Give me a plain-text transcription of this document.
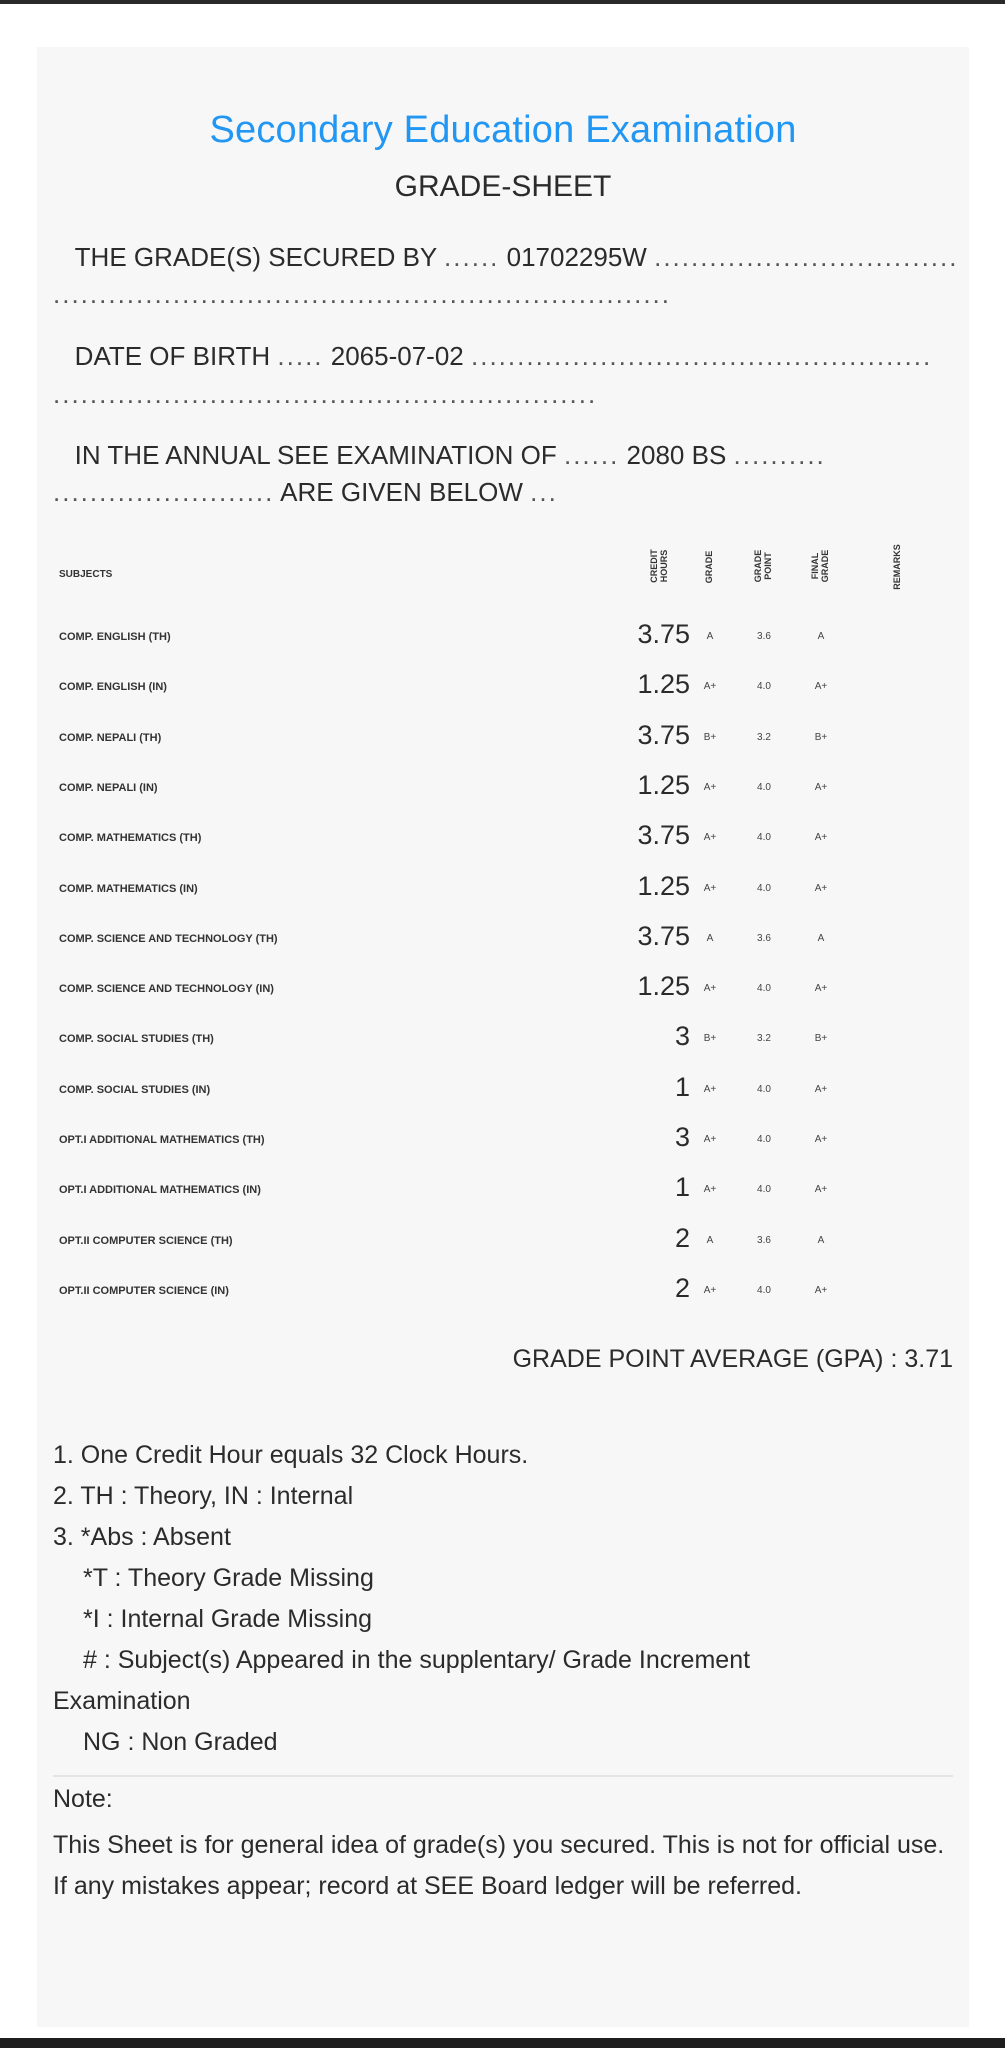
Secondary Education Examination
GRADE-SHEET
THE GRADE(S) SECURED BY ...... 01702295W .................................
...................................................................
DATE OF BIRTH ..... 2065-07-02 ..................................................
...........................................................
IN THE ANNUAL SEE EXAMINATION OF ...... 2080 BS ..........
........................ ARE GIVEN BELOW ...
SUBJECTS	CREDIT HOURS	GRADE	GRADE POINT	FINAL GRADE	REMARKS
COMP. ENGLISH (TH)	3.75	A	3.6	A
COMP. ENGLISH (IN)	1.25	A+	4.0	A+
COMP. NEPALI (TH)	3.75	B+	3.2	B+
COMP. NEPALI (IN)	1.25	A+	4.0	A+
COMP. MATHEMATICS (TH)	3.75	A+	4.0	A+
COMP. MATHEMATICS (IN)	1.25	A+	4.0	A+
COMP. SCIENCE AND TECHNOLOGY (TH)	3.75	A	3.6	A
COMP. SCIENCE AND TECHNOLOGY (IN)	1.25	A+	4.0	A+
COMP. SOCIAL STUDIES (TH)	3	B+	3.2	B+
COMP. SOCIAL STUDIES (IN)	1	A+	4.0	A+
OPT.I ADDITIONAL MATHEMATICS (TH)	3	A+	4.0	A+
OPT.I ADDITIONAL MATHEMATICS (IN)	1	A+	4.0	A+
OPT.II COMPUTER SCIENCE (TH)	2	A	3.6	A
OPT.II COMPUTER SCIENCE (IN)	2	A+	4.0	A+
GRADE POINT AVERAGE (GPA) : 3.71
1. One Credit Hour equals 32 Clock Hours.
2. TH : Theory, IN : Internal
3. *Abs : Absent
*T : Theory Grade Missing
*I : Internal Grade Missing
# : Subject(s) Appeared in the supplentary/ Grade Increment
Examination
NG : Non Graded
Note:
This Sheet is for general idea of grade(s) you secured. This is not for official use. If any mistakes appear; record at SEE Board ledger will be referred.
